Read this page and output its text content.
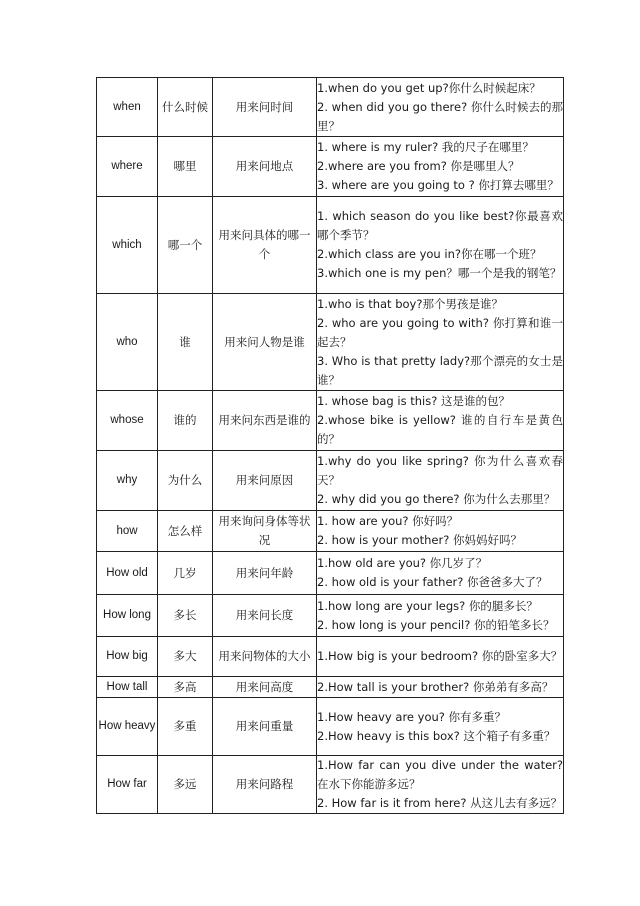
when	什么时候	用来问时间	1.when do you get up?你什么时候起床？

2. when did you go there? 你什么时候去的那里？

where	哪里	用来问地点	1. where is my ruler? 我的尺子在哪里？

2.where are you from? 你是哪里人？

3. where are you going to ? 你打算去哪里？

which	哪一个	用来问具体的哪一个	1. which season do you like best?你最喜欢哪个季节？

2.which class are you in?你在哪一个班？

3.which one is my pen？哪一个是我的钢笔？

who	谁	用来问人物是谁	1.who is that boy?那个男孩是谁？

2. who are you going to with? 你打算和谁一起去？

3. Who is that pretty lady?那个漂亮的女士是谁？

whose	谁的	用来问东西是谁的	1. whose bag is this? 这是谁的包？

2.whose bike is yellow? 谁的自行车是黄色的？

why	为什么	用来问原因	1.why do you like spring? 你为什么喜欢春天？

2. why did you go there? 你为什么去那里？

how	怎么样	用来询问身体等状况	1. how are you? 你好吗？

2. how is your mother? 你妈妈好吗？

How old	几岁	用来问年龄	1.how old are you? 你几岁了？

2. how old is your father? 你爸爸多大了？

How long	多长	用来问长度	1.how long are your legs? 你的腿多长？

2. how long is your pencil? 你的铅笔多长？

How big	多大	用来问物体的大小	1.How big is your bedroom? 你的卧室多大？

How tall	多高	用来问高度	2.How tall is your brother? 你弟弟有多高？

How heavy	多重	用来问重量	1.How heavy are you? 你有多重？

2.How heavy is this box? 这个箱子有多重？

How far	多远	用来问路程	1.How far can you dive under the water? 在水下你能游多远？

2. How far is it from here? 从这儿去有多远？
